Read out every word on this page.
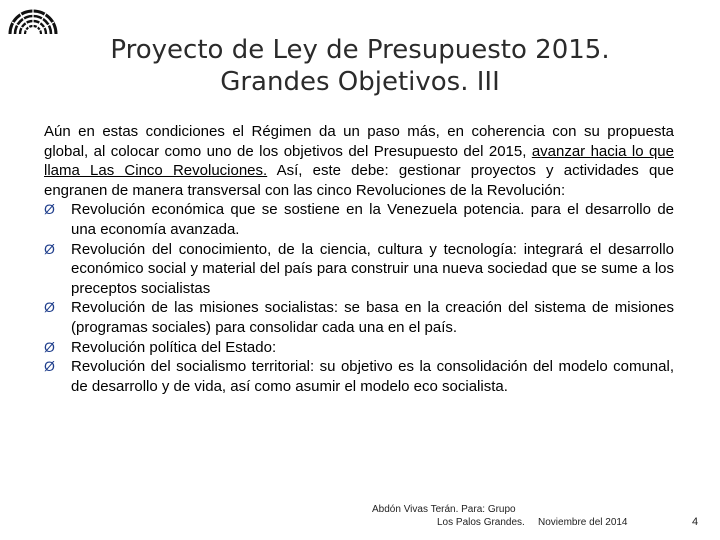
Proyecto de Ley de Presupuesto 2015.
Grandes Objetivos. III

Aún en estas condiciones el Régimen da un paso más, en coherencia con su propuesta global, al colocar como uno de los objetivos del Presupuesto del 2015, avanzar hacia lo que llama Las Cinco Revoluciones. Así, este debe: gestionar proyectos y actividades que engranen de manera transversal con las cinco Revoluciones de la Revolución:

Ø	Revolución económica que se sostiene en la Venezuela potencia. para el desarrollo de una economía avanzada.
Ø	Revolución del conocimiento, de la ciencia, cultura y tecnología: integrará el desarrollo económico social y material del país para construir una nueva sociedad que se sume a los preceptos socialistas
Ø	Revolución de las misiones socialistas: se basa en la creación del sistema de misiones (programas sociales) para consolidar cada una en el país.
Ø	Revolución política del Estado:
Ø	Revolución del socialismo territorial: su objetivo es la consolidación del modelo comunal, de desarrollo y de vida, así como asumir el modelo eco socialista.
Abdón Vivas Terán. Para: Grupo
Los Palos Grandes. Noviembre del 2014	4
